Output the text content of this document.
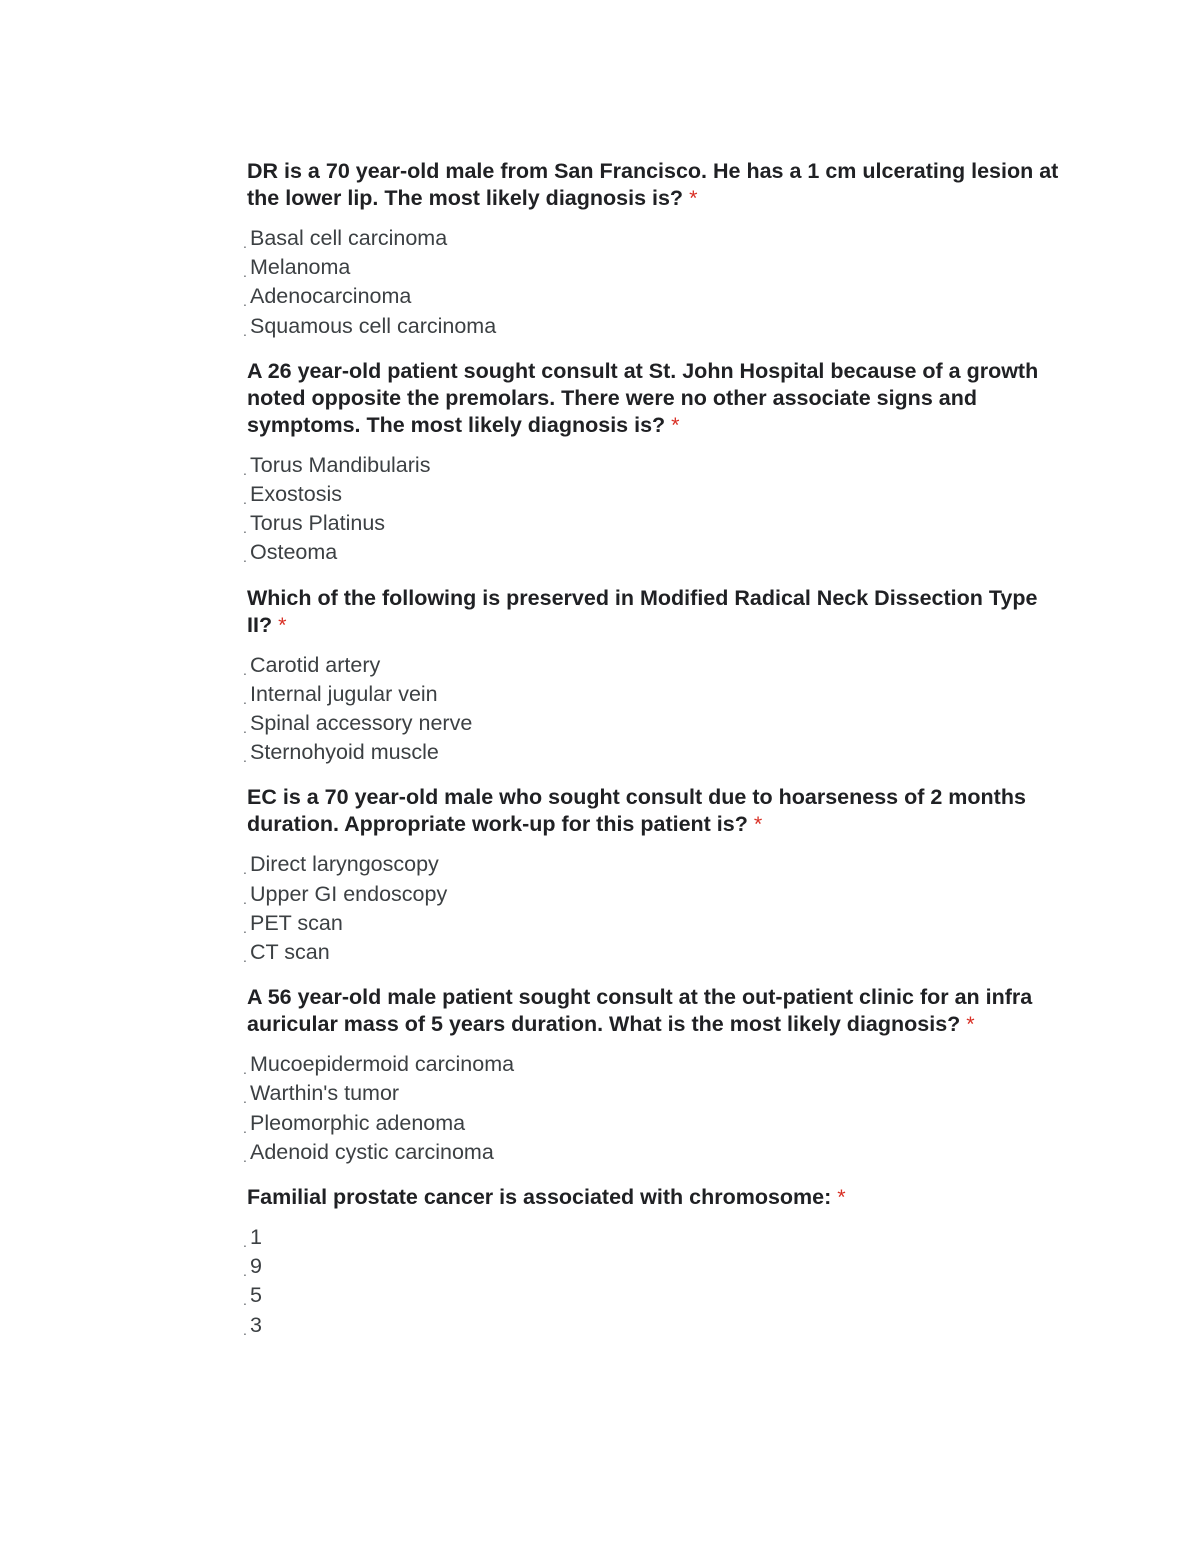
DR is a 70 year-old male from San Francisco. He has a 1 cm ulcerating lesion at the lower lip. The most likely diagnosis is? *
. Basal cell carcinoma
. Melanoma
. Adenocarcinoma
. Squamous cell carcinoma
A 26 year-old patient sought consult at St. John Hospital because of a growth noted opposite the premolars. There were no other associate signs and symptoms. The most likely diagnosis is? *
. Torus Mandibularis
. Exostosis
. Torus Platinus
. Osteoma
Which of the following is preserved in Modified Radical Neck Dissection Type II? *
. Carotid artery
. Internal jugular vein
. Spinal accessory nerve
. Sternohyoid muscle
EC is a 70 year-old male who sought consult due to hoarseness of 2 months duration. Appropriate work-up for this patient is? *
. Direct laryngoscopy
. Upper GI endoscopy
. PET scan
. CT scan
A 56 year-old male patient sought consult at the out-patient clinic for an infra auricular mass of 5 years duration. What is the most likely diagnosis? *
. Mucoepidermoid carcinoma
. Warthin's tumor
. Pleomorphic adenoma
. Adenoid cystic carcinoma
Familial prostate cancer is associated with chromosome: *
. 1
. 9
. 5
. 3
